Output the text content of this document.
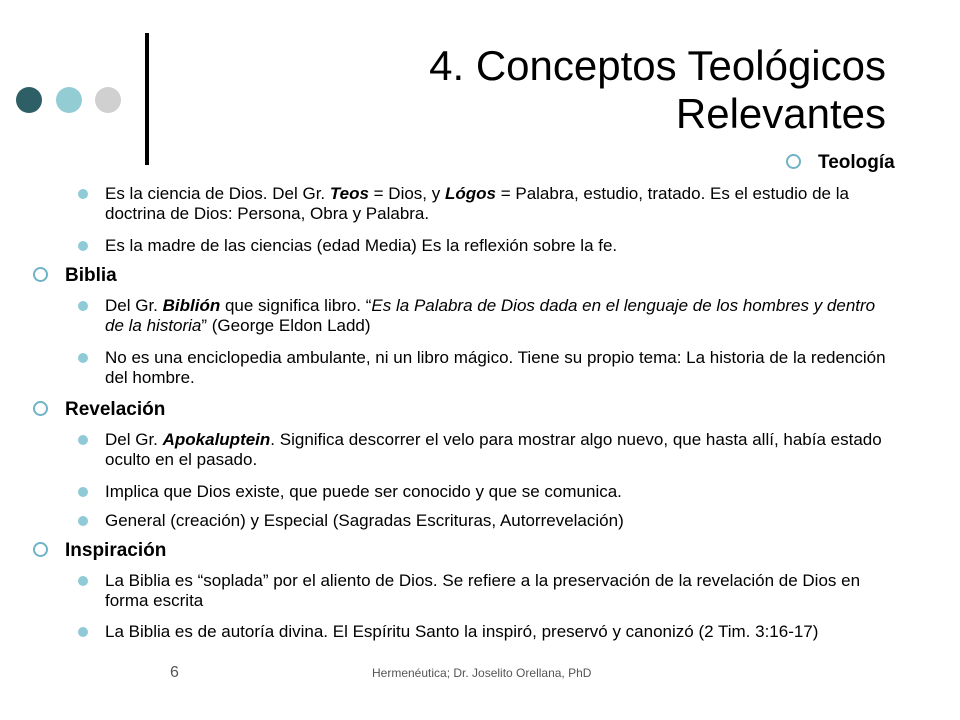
4. Conceptos Teológicos
Relevantes
Teología
Es la ciencia de Dios. Del Gr. Teos = Dios, y Lógos = Palabra, estudio, tratado. Es el estudio de la doctrina de Dios: Persona, Obra y Palabra.
Es la madre de las ciencias (edad Media) Es la reflexión sobre la fe.
Biblia
Del Gr. Biblión que significa libro. “Es la Palabra de Dios dada en el lenguaje de los hombres y dentro de la historia” (George Eldon Ladd)
No es una enciclopedia ambulante, ni un libro mágico. Tiene su propio tema: La historia de la redención del hombre.
Revelación
Del Gr. Apokaluptein. Significa descorrer el velo para mostrar algo nuevo, que hasta allí, había estado oculto en el pasado.
Implica que Dios existe, que puede ser conocido y que se comunica.
General (creación) y Especial (Sagradas Escrituras, Autorrevelación)
Inspiración
La Biblia es “soplada” por el aliento de Dios. Se refiere a la preservación de la revelación de Dios en forma escrita
La Biblia es de autoría divina. El Espíritu Santo la inspiró, preservó y canonizó (2 Tim. 3:16-17)
6	Hermenéutica; Dr. Joselito Orellana, PhD
